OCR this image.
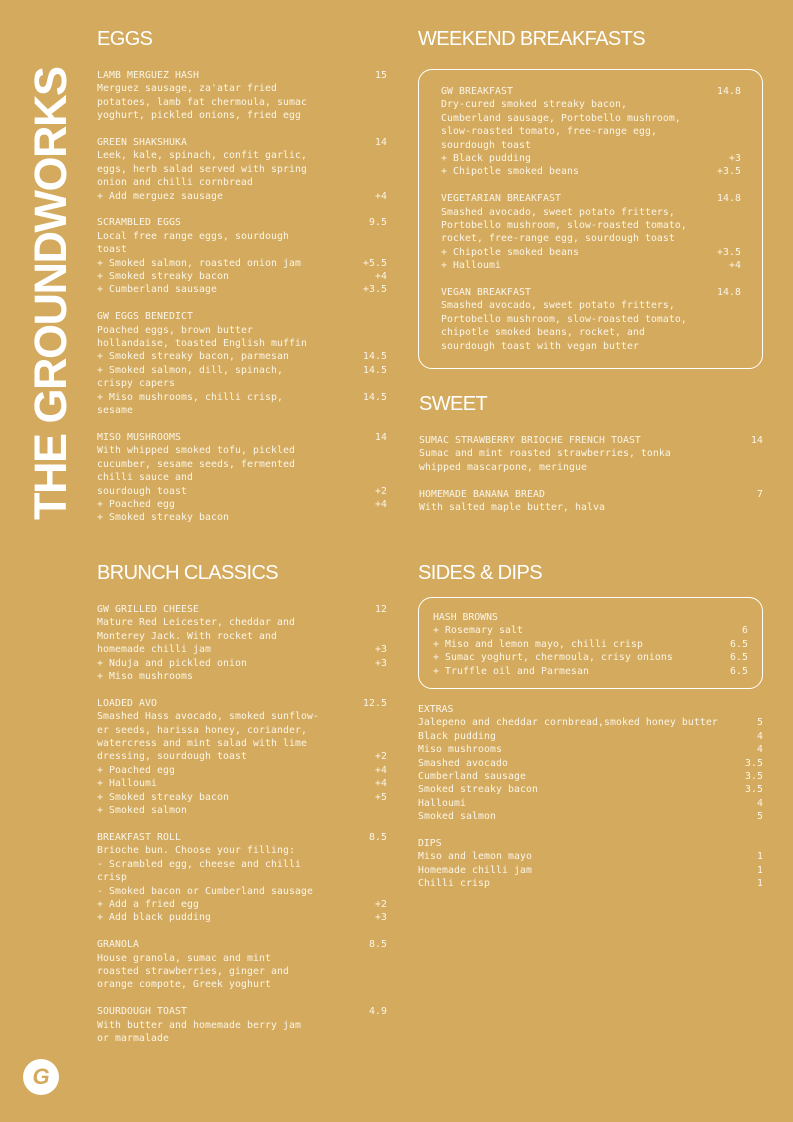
THE GROUNDWORKS
G
EGGS
LAMB MERGUEZ HASH	15
Merguez sausage, za'atar fried
potatoes, lamb fat chermoula, sumac
yoghurt, pickled onions, fried egg
GREEN SHAKSHUKA	14
Leek, kale, spinach, confit garlic,
eggs, herb salad served with spring
onion and chilli cornbread
+ Add merguez sausage	+4
SCRAMBLED EGGS	9.5
Local free range eggs, sourdough
toast
+ Smoked salmon, roasted onion jam	+5.5
+ Smoked streaky bacon	+4
+ Cumberland sausage	+3.5
GW EGGS BENEDICT
Poached eggs, brown butter
hollandaise, toasted English muffin
+ Smoked streaky bacon, parmesan	14.5
+ Smoked salmon, dill, spinach,	14.5
crispy capers
+ Miso mushrooms, chilli crisp,	14.5
sesame
MISO MUSHROOMS	14
With whipped smoked tofu, pickled
cucumber, sesame seeds, fermented
chilli sauce and
sourdough toast	+2
+ Poached egg	+4
+ Smoked streaky bacon
WEEKEND BREAKFASTS
GW BREAKFAST	14.8
Dry-cured smoked streaky bacon,
Cumberland sausage, Portobello mushroom,
slow-roasted tomato, free-range egg,
sourdough toast
+ Black pudding	+3
+ Chipotle smoked beans	+3.5
VEGETARIAN BREAKFAST	14.8
Smashed avocado, sweet potato fritters,
Portobello mushroom, slow-roasted tomato,
rocket, free-range egg, sourdough toast
+ Chipotle smoked beans	+3.5
+ Halloumi	+4
VEGAN BREAKFAST	14.8
Smashed avocado, sweet potato fritters,
Portobello mushroom, slow-roasted tomato,
chipotle smoked beans, rocket, and
sourdough toast with vegan butter
SWEET
SUMAC STRAWBERRY BRIOCHE FRENCH TOAST	14
Sumac and mint roasted strawberries, tonka
whipped mascarpone, meringue
HOMEMADE BANANA BREAD	7
With salted maple butter, halva
BRUNCH CLASSICS
GW GRILLED CHEESE	12
Mature Red Leicester, cheddar and
Monterey Jack. With rocket and
homemade chilli jam	+3
+ Nduja and pickled onion	+3
+ Miso mushrooms
LOADED AVO	12.5
Smashed Hass avocado, smoked sunflow-
er seeds, harissa honey, coriander,
watercress and mint salad with lime
dressing, sourdough toast	+2
+ Poached egg	+4
+ Halloumi	+4
+ Smoked streaky bacon	+5
+ Smoked salmon
BREAKFAST ROLL	8.5
Brioche bun. Choose your filling:
- Scrambled egg, cheese and chilli
crisp
- Smoked bacon or Cumberland sausage
+ Add a fried egg	+2
+ Add black pudding	+3
GRANOLA	8.5
House granola, sumac and mint
roasted strawberries, ginger and
orange compote, Greek yoghurt
SOURDOUGH TOAST	4.9
With butter and homemade berry jam
or marmalade
SIDES & DIPS
HASH BROWNS
+ Rosemary salt	6
+ Miso and lemon mayo, chilli crisp	6.5
+ Sumac yoghurt, chermoula, crisy onions	6.5
+ Truffle oil and Parmesan	6.5
EXTRAS
Jalepeno and cheddar cornbread,smoked honey butter	5
Black pudding	4
Miso mushrooms	4
Smashed avocado	3.5
Cumberland sausage	3.5
Smoked streaky bacon	3.5
Halloumi	4
Smoked salmon	5
DIPS
Miso and lemon mayo	1
Homemade chilli jam	1
Chilli crisp	1
